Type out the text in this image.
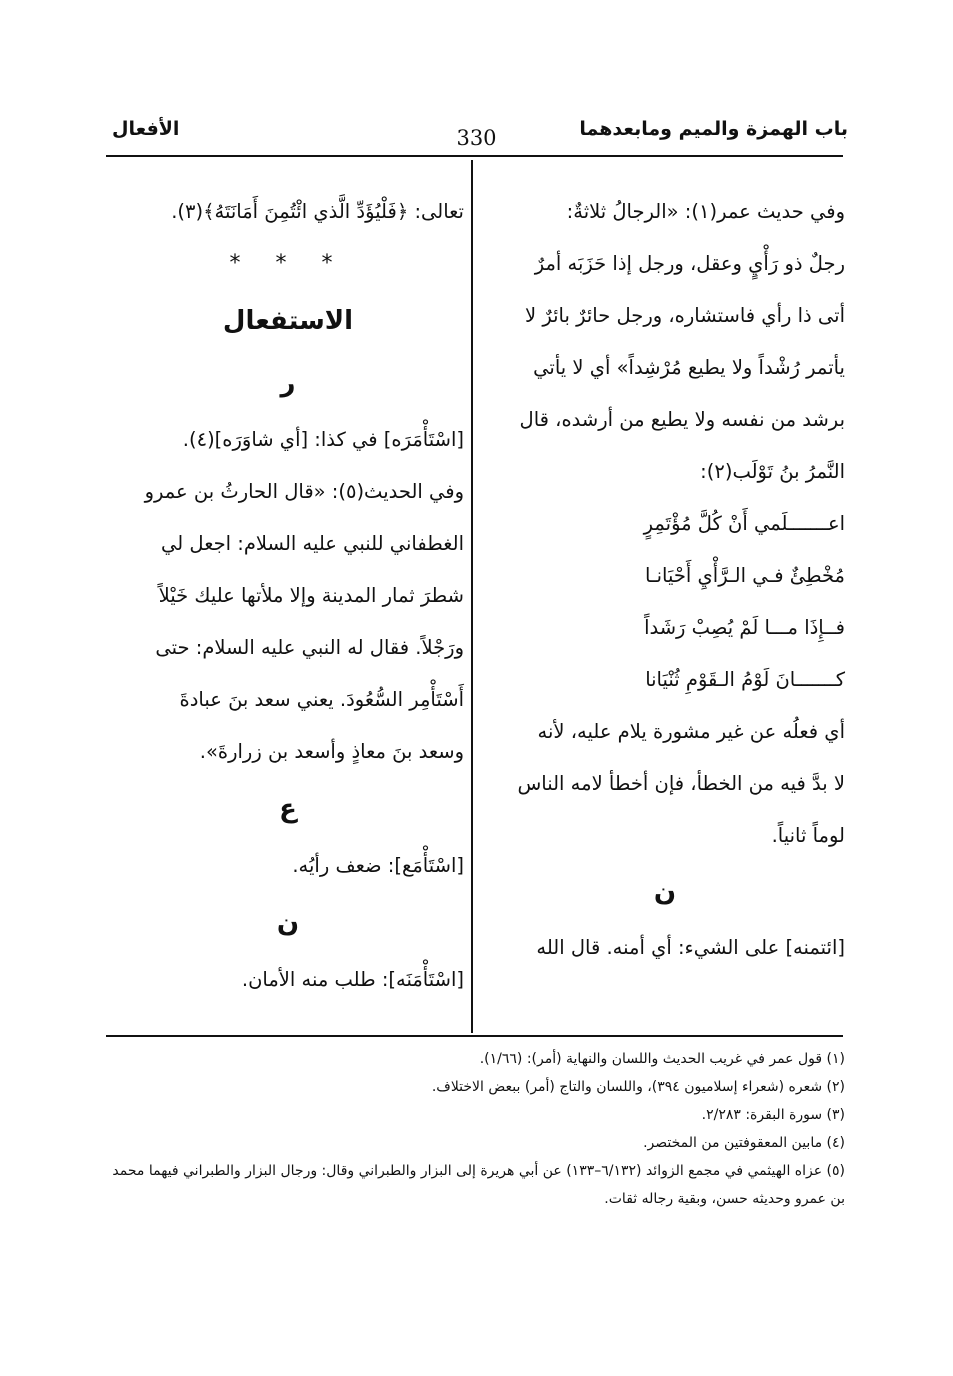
باب الهمزة والميم ومابعدهما
330
الأفعال
وفي حديث عمر(١): «الرجالُ ثلاثةٌ:
رجلٌ ذو رَأْيٍ وعقل، ورجل إذا حَزَبَه أمرٌ
أتى ذا رأي فاستشاره، ورجل حائرٌ بائرٌ لا
يأتمر رُشْداً ولا يطيع مُرْشِداً» أي لا يأتي
برشد من نفسه ولا يطيع من أرشده، قال
النَّمرُ بنُ تَوْلَب(٢):
اعـــــــلَمي أَنْ كُلَّ مُؤْتَمِرٍ
مُخْطِئٌ فـي الـرَّأْيِ أَحْيَانـا
فــإِذَا مـــا لَمْ يُصِبْ رَشَداً
كـــــــانَ لَوْمُ الـقَوْمِ ثُنْيَانا
أي فعلُه عن غير مشورة يلام عليه، لأنه
لا بدَّ فيه من الخطأ، فإن أخطأ لامه الناس
لوماً ثانياً.
ن
[ائتمنه] على الشيء: أي أمنه. قال الله
تعالى: ﴿فَلْيُؤَدِّ الَّذي ائْتُمِنَ أَمَانَتَهُ﴾(٣).
* * *
الاستفعال
ر
[اسْتَأْمَرَه] في كذا: [أي شاوَرَه](٤).
وفي الحديث(٥): «قال الحارثُ بن عمرو
الغطفاني للنبي عليه السلام: اجعل لي
شطرَ ثمار المدينة وإلا ملأتها عليك خَيْلاً
ورَجْلاً. فقال له النبي عليه السلام: حتى
أَسْتَأْمِر السُّعُودَ. يعني سعد بنَ عبادةَ
وسعد بنَ معاذٍ وأسعد بن زرارةَ».
ع
[اسْتَأْمَع]: ضعف رأيُه.
ن
[اسْتَأْمَنَه]: طلب منه الأمان.
(١) قول عمر في غريب الحديث واللسان والنهاية (أمر): (١/٦٦).
(٢) شعره (شعراء إسلاميون ٣٩٤)، واللسان والتاج (أمر) ببعض الاختلاف.
(٣) سورة البقرة: ٢/٢٨٣.
(٤) مابين المعقوفتين من المختصر.
(٥) عزاه الهيثمي في مجمع الزوائد (٦/١٣٢–١٣٣) عن أبي هريرة إلى البزار والطبراني وقال: ورجال البزار والطبراني فيهما محمد بن عمرو وحديثه حسن، وبقية رجاله ثقات.
